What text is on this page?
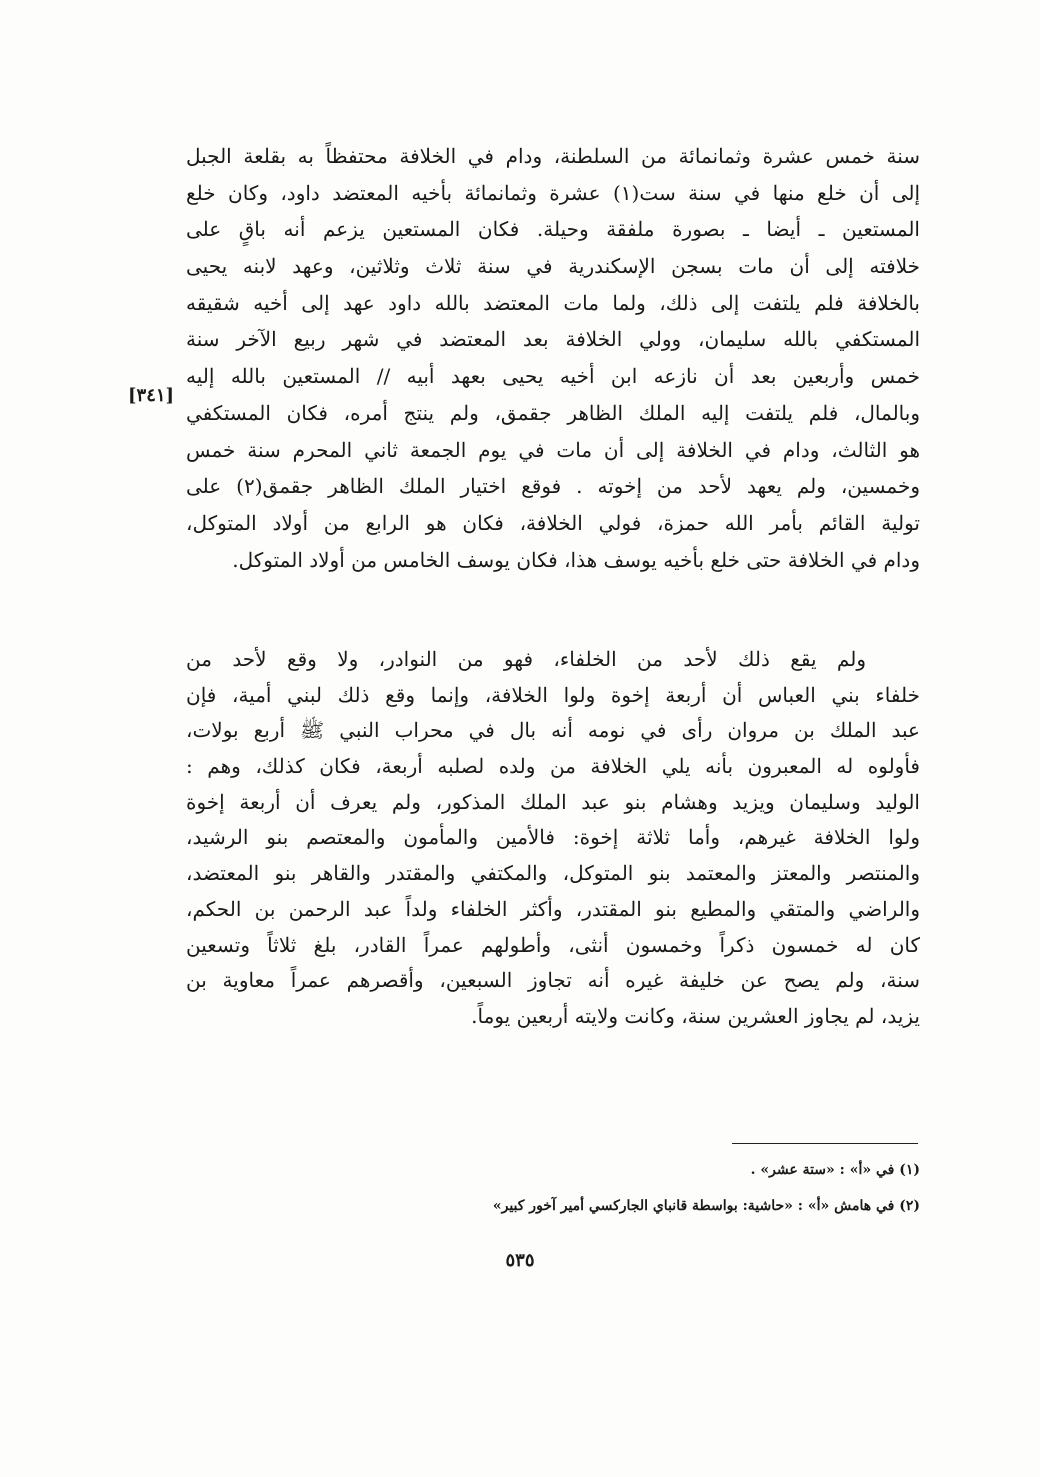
سنة خمس عشرة وثمانمائة من السلطنة، ودام في الخلافة محتفظاً به بقلعة الجبل
إلى أن خلع منها في سنة ست(١) عشرة وثمانمائة بأخيه المعتضد داود، وكان خلع
المستعين ـ أيضا ـ بصورة ملفقة وحيلة. فكان المستعين يزعم أنه باقٍ على
خلافته إلى أن مات بسجن الإسكندرية في سنة ثلاث وثلاثين، وعهد لابنه يحيى
بالخلافة فلم يلتفت إلى ذلك، ولما مات المعتضد بالله داود عهد إلى أخيه شقيقه
المستكفي بالله سليمان، وولي الخلافة بعد المعتضد في شهر ربيع الآخر سنة
خمس وأربعين بعد أن نازعه ابن أخيه يحيى بعهد أبيه // المستعين بالله إليه
وبالمال، فلم يلتفت إليه الملك الظاهر جقمق، ولم ينتج أمره، فكان المستكفي
هو الثالث، ودام في الخلافة إلى أن مات في يوم الجمعة ثاني المحرم سنة خمس
وخمسين، ولم يعهد لأحد من إخوته . فوقع اختيار الملك الظاهر جقمق(٢) على
تولية القائم بأمر الله حمزة، فولي الخلافة، فكان هو الرابع من أولاد المتوكل،
ودام في الخلافة حتى خلع بأخيه يوسف هذا، فكان يوسف الخامس من أولاد المتوكل.
[٣٤١]
ولم يقع ذلك لأحد من الخلفاء، فهو من النوادر، ولا وقع لأحد من
خلفاء بني العباس أن أربعة إخوة ولوا الخلافة، وإنما وقع ذلك لبني أمية، فإن
عبد الملك بن مروان رأى في نومه أنه بال في محراب النبي ﷺ أربع بولات،
فأولوه له المعبرون بأنه يلي الخلافة من ولده لصلبه أربعة، فكان كذلك، وهم :
الوليد وسليمان ويزيد وهشام بنو عبد الملك المذكور، ولم يعرف أن أربعة إخوة
ولوا الخلافة غيرهم، وأما ثلاثة إخوة: فالأمين والمأمون والمعتصم بنو الرشيد،
والمنتصر والمعتز والمعتمد بنو المتوكل، والمكتفي والمقتدر والقاهر بنو المعتضد،
والراضي والمتقي والمطيع بنو المقتدر، وأكثر الخلفاء ولداً عبد الرحمن بن الحكم،
كان له خمسون ذكراً وخمسون أنثى، وأطولهم عمراً القادر، بلغ ثلاثاً وتسعين
سنة، ولم يصح عن خليفة غيره أنه تجاوز السبعين، وأقصرهم عمراً معاوية بن
يزيد، لم يجاوز العشرين سنة، وكانت ولايته أربعين يوماً.
(١) في «أ» : «ستة عشر» .
(٢) في هامش «أ» : «حاشية: بواسطة قانباي الجاركسي أمير آخور كبير»
٥٣٥
